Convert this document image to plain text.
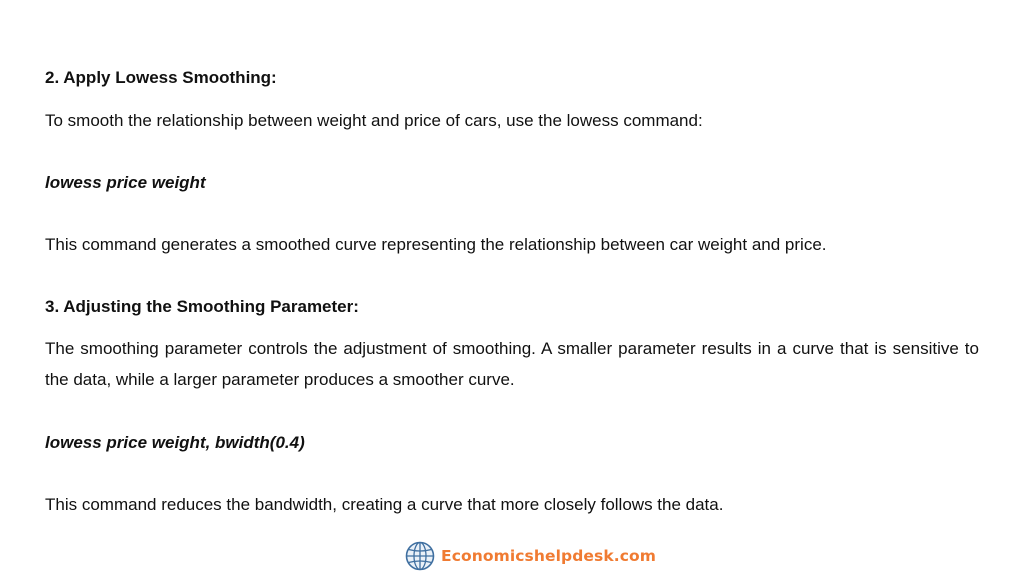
2. Apply Lowess Smoothing:
To smooth the relationship between weight and price of cars, use the lowess command:
lowess price weight
This command generates a smoothed curve representing the relationship between car weight and price.
3. Adjusting the Smoothing Parameter:
The smoothing parameter controls the adjustment of smoothing. A smaller parameter results in a curve that is sensitive to the data, while a larger parameter produces a smoother curve.
lowess price weight, bwidth(0.4)
This command reduces the bandwidth, creating a curve that more closely follows the data.
Economicshelpdesk.com
